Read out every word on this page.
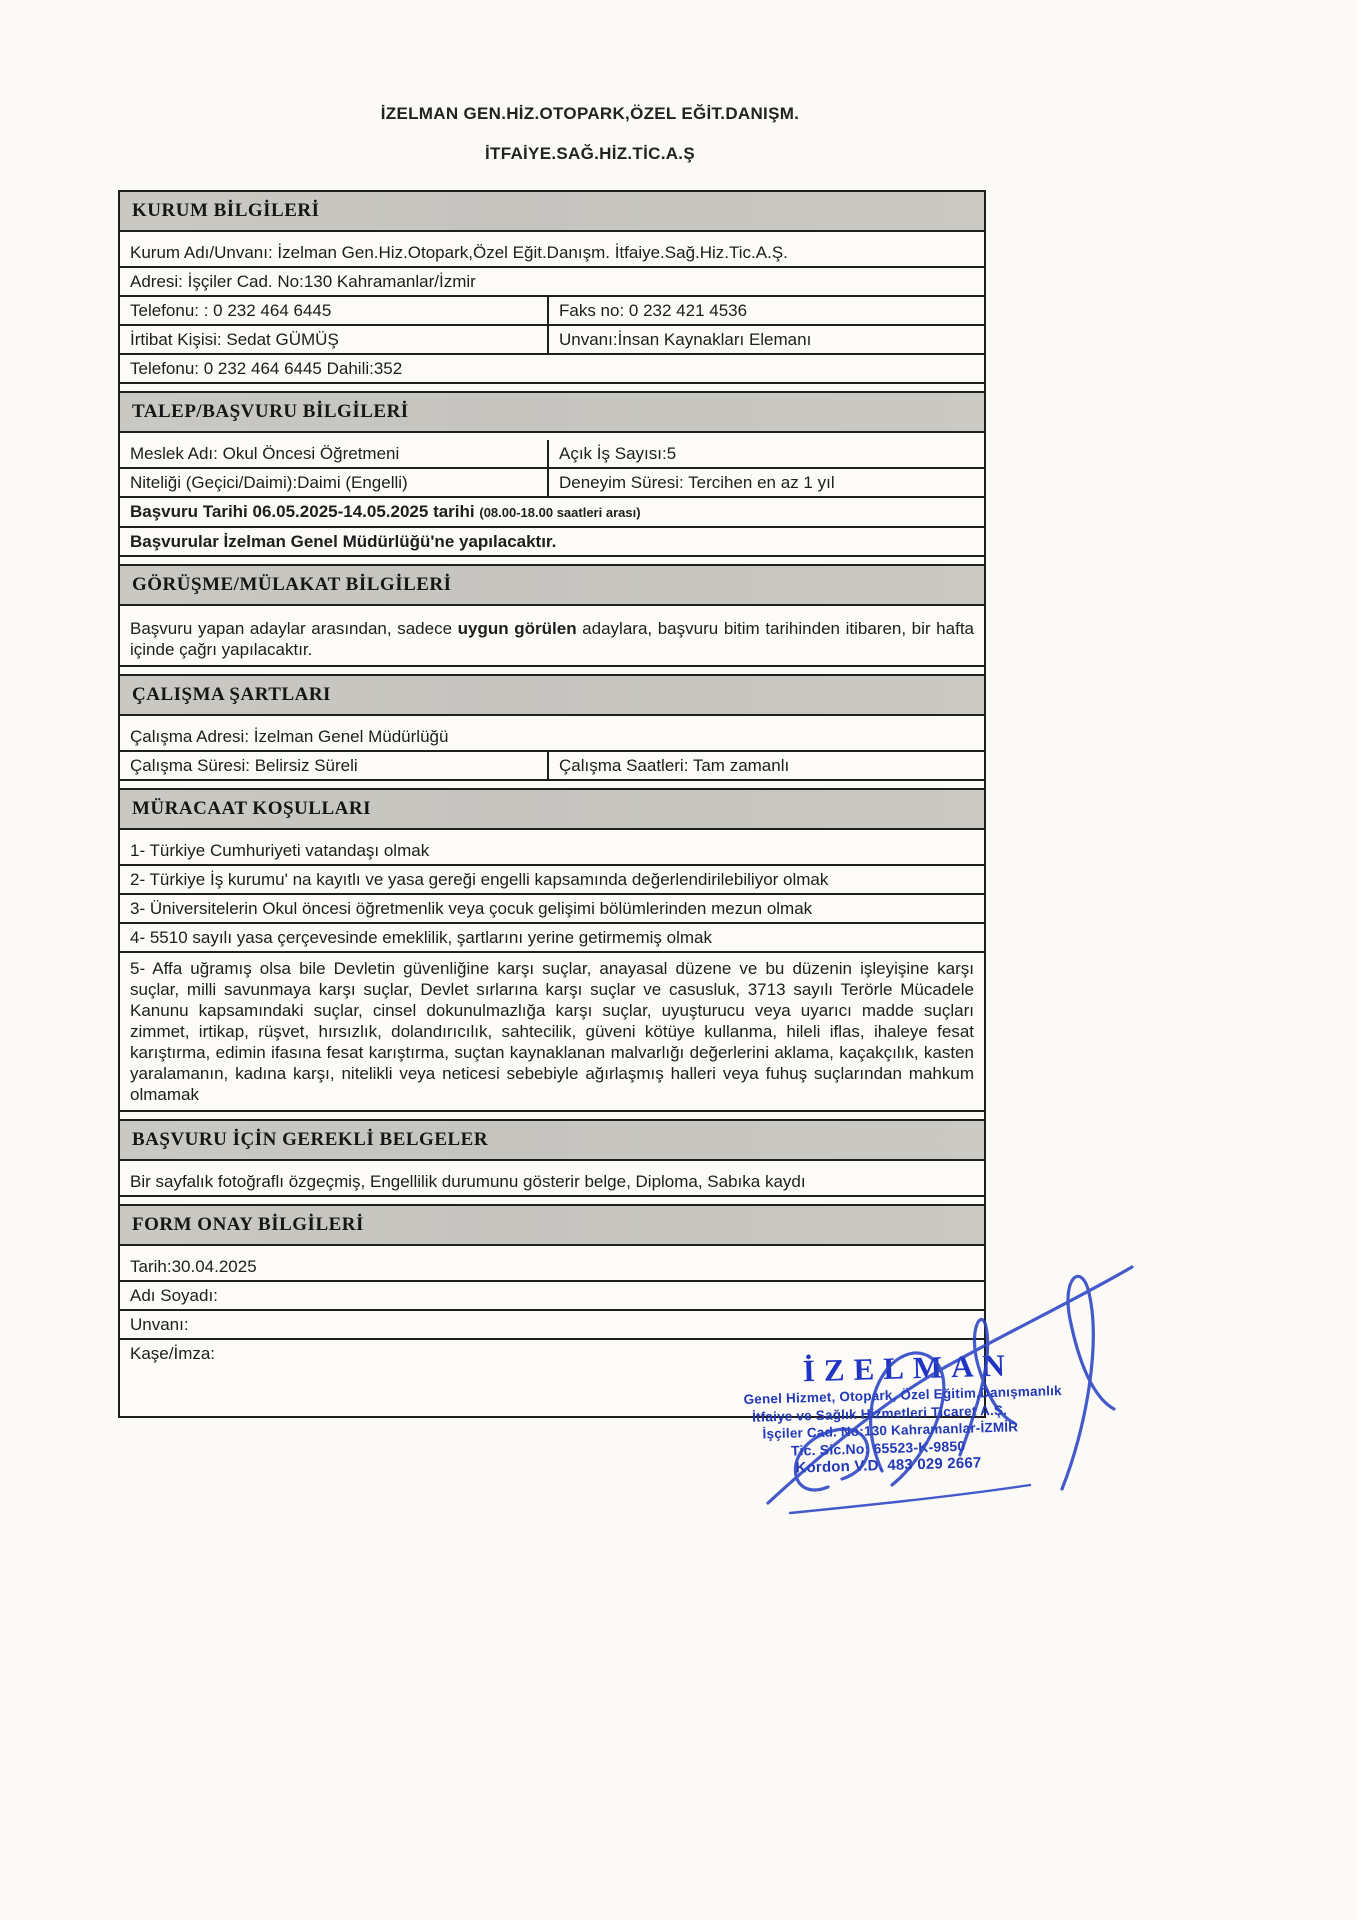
İZELMAN GEN.HİZ.OTOPARK,ÖZEL EĞİT.DANIŞM.
İTFAİYE.SAĞ.HİZ.TİC.A.Ş
KURUM BİLGİLERİ
Kurum Adı/Unvanı: İzelman Gen.Hiz.Otopark,Özel Eğit.Danışm. İtfaiye.Sağ.Hiz.Tic.A.Ş.
Adresi: İşçiler Cad. No:130 Kahramanlar/İzmir
Telefonu: : 0 232 464 6445	Faks no: 0 232 421 4536
İrtibat Kişisi: Sedat GÜMÜŞ	Unvanı:İnsan Kaynakları Elemanı
Telefonu: 0 232 464 6445 Dahili:352
TALEP/BAŞVURU BİLGİLERİ
Meslek Adı: Okul Öncesi Öğretmeni	Açık İş Sayısı:5
Niteliği (Geçici/Daimi):Daimi (Engelli)	Deneyim Süresi: Tercihen en az 1 yıl
Başvuru Tarihi 06.05.2025-14.05.2025 tarihi (08.00-18.00 saatleri arası)
Başvurular İzelman Genel Müdürlüğü'ne yapılacaktır.
GÖRÜŞME/MÜLAKAT BİLGİLERİ
Başvuru yapan adaylar arasından, sadece uygun görülen adaylara, başvuru bitim tarihinden itibaren, bir hafta içinde çağrı yapılacaktır.
ÇALIŞMA ŞARTLARI
Çalışma Adresi: İzelman Genel Müdürlüğü
Çalışma Süresi: Belirsiz Süreli	Çalışma Saatleri: Tam zamanlı
MÜRACAAT KOŞULLARI
1- Türkiye Cumhuriyeti vatandaşı olmak
2- Türkiye İş kurumu' na kayıtlı ve yasa gereği engelli kapsamında değerlendirilebiliyor olmak
3- Üniversitelerin Okul öncesi öğretmenlik veya çocuk gelişimi bölümlerinden mezun olmak
4- 5510 sayılı yasa çerçevesinde emeklilik, şartlarını yerine getirmemiş olmak
5- Affa uğramış olsa bile Devletin güvenliğine karşı suçlar, anayasal düzene ve bu düzenin işleyişine karşı suçlar, milli savunmaya karşı suçlar, Devlet sırlarına karşı suçlar ve casusluk, 3713 sayılı Terörle Mücadele Kanunu kapsamındaki suçlar, cinsel dokunulmazlığa karşı suçlar, uyuşturucu veya uyarıcı madde suçları zimmet, irtikap, rüşvet, hırsızlık, dolandırıcılık, sahtecilik, güveni kötüye kullanma, hileli iflas, ihaleye fesat karıştırma, edimin ifasına fesat karıştırma, suçtan kaynaklanan malvarlığı değerlerini aklama, kaçakçılık, kasten yaralamanın, kadına karşı, nitelikli veya neticesi sebebiyle ağırlaşmış halleri veya fuhuş suçlarından mahkum olmamak
BAŞVURU İÇİN GEREKLİ BELGELER
Bir sayfalık fotoğraflı özgeçmiş, Engellilik durumunu gösterir belge, Diploma, Sabıka kaydı
FORM ONAY BİLGİLERİ
Tarih:30.04.2025
Adı Soyadı:
Unvanı:
Kaşe/İmza:	İZELMAN
Genel Hizmet, Otopark, Özel Eğitim,Danışmanlık
İtfaiye ve Sağlık Hizmetleri Ticaret A.Ş.
İşçiler Cad. No:130 Kahramanlar-İZMİR
Tic. Sic.No: 65523-K-9850
Kordon V.D. 483 029 2667
